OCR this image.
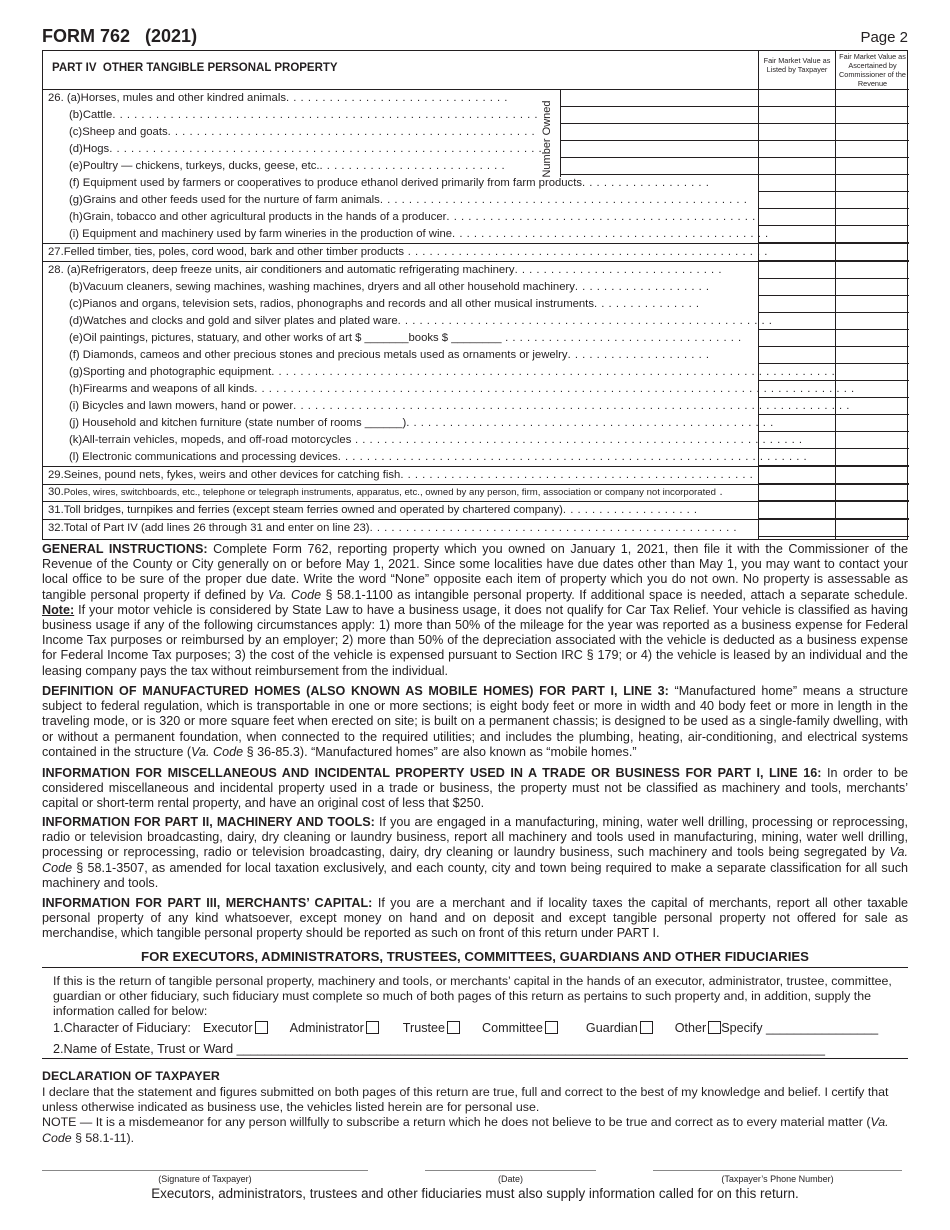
FORM 762   (2021)	Page 2
PART IV  OTHER TANGIBLE PERSONAL PROPERTY
Fair Market Value as Listed by Taxpayer
Fair Market Value as Ascertained by Commissioner of the Revenue
Number Owned
26. (a)Horses, mules and other kindred animals. . . . . . . . . . . . . . . . . . . . . . . . . . . . . . .
(b)Cattle. . . . . . . . . . . . . . . . . . . . . . . . . . . . . . . . . . . . . . . . . . . . . . . . . . . . . . . . . . .
(c)Sheep and goats. . . . . . . . . . . . . . . . . . . . . . . . . . . . . . . . . . . . . . . . . . . . . . . . . . .
(d)Hogs. . . . . . . . . . . . . . . . . . . . . . . . . . . . . . . . . . . . . . . . . . . . . . . . . . . . . . . . . . . .
(e)Poultry — chickens, turkeys, ducks, geese, etc.. . . . . . . . . . . . . . . . . . . . . . . . . .
(f) Equipment used by farmers or cooperatives to produce ethanol derived primarily from farm products. . . . . . . . . . . . . . . . . .
(g)Grains and other feeds used for the nurture of farm animals. . . . . . . . . . . . . . . . . . . . . . . . . . . . . . . . . . . . . . . . . . . . . . . . . . .
(h)Grain, tobacco and other agricultural products in the hands of a producer. . . . . . . . . . . . . . . . . . . . . . . . . . . . . . . . . . . . . . . . . . .
(i) Equipment and machinery used by farm wineries in the production of wine. . . . . . . . . . . . . . . . . . . . . . . . . . . . . . . . . . . . . . . . . . . .
27.Felled timber, ties, poles, cord wood, bark and other timber products . . . . . . . . . . . . . . . . . . . . . . . . . . . . . . . . . . . . . . . . . . . . . . . . . .
28. (a)Refrigerators, deep freeze units, air conditioners and automatic refrigerating machinery. . . . . . . . . . . . . . . . . . . . . . . . . . . . .
(b)Vacuum cleaners, sewing machines, washing machines, dryers and all other household machinery. . . . . . . . . . . . . . . . . . .
(c)Pianos and organs, television sets, radios, phonographs and records and all other musical instruments. . . . . . . . . . . . . . .
(d)Watches and clocks and gold and silver plates and plated ware. . . . . . . . . . . . . . . . . . . . . . . . . . . . . . . . . . . . . . . . . . . . . . . . . . . .
(e)Oil paintings, pictures, statuary, and other works of art $ _______books $ ________ . . . . . . . . . . . . . . . . . . . . . . . . . . . . . . . . .
(f) Diamonds, cameos and other precious stones and precious metals used as ornaments or jewelry. . . . . . . . . . . . . . . . . . . .
(g)Sporting and photographic equipment. . . . . . . . . . . . . . . . . . . . . . . . . . . . . . . . . . . . . . . . . . . . . . . . . . . . . . . . . . . . . . . . . . . . . . . . . . . . . .
(h)Firearms and weapons of all kinds. . . . . . . . . . . . . . . . . . . . . . . . . . . . . . . . . . . . . . . . . . . . . . . . . . . . . . . . . . . . . . . . . . . . . . . . . . . . . . . . . . .
(i) Bicycles and lawn mowers, hand or power. . . . . . . . . . . . . . . . . . . . . . . . . . . . . . . . . . . . . . . . . . . . . . . . . . . . . . . . . . . . . . . . . . . . . . . . . . . . .
(j) Household and kitchen furniture (state number of rooms ______). . . . . . . . . . . . . . . . . . . . . . . . . . . . . . . . . . . . . . . . . . . . . . . . . . .
(k)All-terrain vehicles, mopeds, and off-road motorcycles . . . . . . . . . . . . . . . . . . . . . . . . . . . . . . . . . . . . . . . . . . . . . . . . . . . . . . . . . . . . . .
(l) Electronic communications and processing devices. . . . . . . . . . . . . . . . . . . . . . . . . . . . . . . . . . . . . . . . . . . . . . . . . . . . . . . . . . . . . . . . .
29.Seines, pound nets, fykes, weirs and other devices for catching fish. . . . . . . . . . . . . . . . . . . . . . . . . . . . . . . . . . . . . . . . . . . . . . . . .
30.Poles, wires, switchboards, etc., telephone or telegraph instruments, apparatus, etc., owned by any person, firm, association or company not incorporated .
31.Toll bridges, turnpikes and ferries (except steam ferries owned and operated by chartered company). . . . . . . . . . . . . . . . . . .
32.Total of Part IV (add lines 26 through 31 and enter on line 23). . . . . . . . . . . . . . . . . . . . . . . . . . . . . . . . . . . . . . . . . . . . . . . . . . .
GENERAL INSTRUCTIONS: Complete Form 762, reporting property which you owned on January 1, 2021, then file it with the Commissioner of the Revenue of the County or City generally on or before May 1, 2021. Since some localities have due dates other than May 1, you may want to contact your local office to be sure of the proper due date. Write the word “None” opposite each item of property which you do not own. No property is assessable as tangible personal property if defined by Va. Code § 58.1-1100 as intangible personal property. If additional space is needed, attach a separate schedule. Note: If your motor vehicle is considered by State Law to have a business usage, it does not qualify for Car Tax Relief. Your vehicle is classified as having business usage if any of the following circumstances apply: 1) more than 50% of the mileage for the year was reported as a business expense for Federal Income Tax purposes or reimbursed by an employer; 2) more than 50% of the depreciation associated with the vehicle is deducted as a business expense for Federal Income Tax purposes; 3) the cost of the vehicle is expensed pursuant to Section IRC § 179; or 4) the vehicle is leased by an individual and the leasing company pays the tax without reimbursement from the individual.
DEFINITION OF MANUFACTURED HOMES (ALSO KNOWN AS MOBILE HOMES) FOR PART I, LINE 3: “Manufactured home” means a structure subject to federal regulation, which is transportable in one or more sections; is eight body feet or more in width and 40 body feet or more in length in the traveling mode, or is 320 or more square feet when erected on site; is built on a permanent chassis; is designed to be used as a single-family dwelling, with or without a permanent foundation, when connected to the required utilities; and includes the plumbing, heating, air-conditioning, and electrical systems contained in the structure (Va. Code § 36-85.3). “Manufactured homes” are also known as “mobile homes.”
INFORMATION FOR MISCELLANEOUS AND INCIDENTAL PROPERTY USED IN A TRADE OR BUSINESS FOR PART I, LINE 16: In order to be considered miscellaneous and incidental property used in a trade or business, the property must not be classified as machinery and tools, merchants’ capital or short-term rental property, and have an original cost of less that $250.
INFORMATION FOR PART II, MACHINERY AND TOOLS: If you are engaged in a manufacturing, mining, water well drilling, processing or reprocessing, radio or television broadcasting, dairy, dry cleaning or laundry business, report all machinery and tools used in manufacturing, mining, water well drilling, processing or reprocessing, radio or television broadcasting, dairy, dry cleaning or laundry business, such machinery and tools being segregated by Va. Code § 58.1-3507, as amended for local taxation exclusively, and each county, city and town being required to make a separate classification for all such machinery and tools.
INFORMATION FOR PART III, MERCHANTS’ CAPITAL: If you are a merchant and if locality taxes the capital of merchants, report all other taxable personal property of any kind whatsoever, except money on hand and on deposit and except tangible personal property not offered for sale as merchandise, which tangible personal property should be reported as such on front of this return under PART I.
FOR EXECUTORS, ADMINISTRATORS, TRUSTEES, COMMITTEES, GUARDIANS AND OTHER FIDUCIARIES
If this is the return of tangible personal property, machinery and tools, or merchants’ capital in the hands of an executor, administrator, trustee, committee, guardian or other fiduciary, such fiduciary must complete so much of both pages of this return as pertains to such property and, in addition, supply the information called for below:
1.Character of Fiduciary: Executor	Administrator	Trustee	Committee	Guardian	Other Specify ________________
2.Name of Estate, Trust or Ward ____________________________________________________________________________________
DECLARATION OF TAXPAYER
I declare that the statement and figures submitted on both pages of this return are true, full and correct to the best of my knowledge and belief. I certify that unless otherwise indicated as business use, the vehicles listed herein are for personal use.
NOTE — It is a misdemeanor for any person willfully to subscribe a return which he does not believe to be true and correct as to every material matter (Va. Code § 58.1-11).
(Signature of Taxpayer)	(Date)	(Taxpayer’s Phone Number)
Executors, administrators, trustees and other fiduciaries must also supply information called for on this return.
